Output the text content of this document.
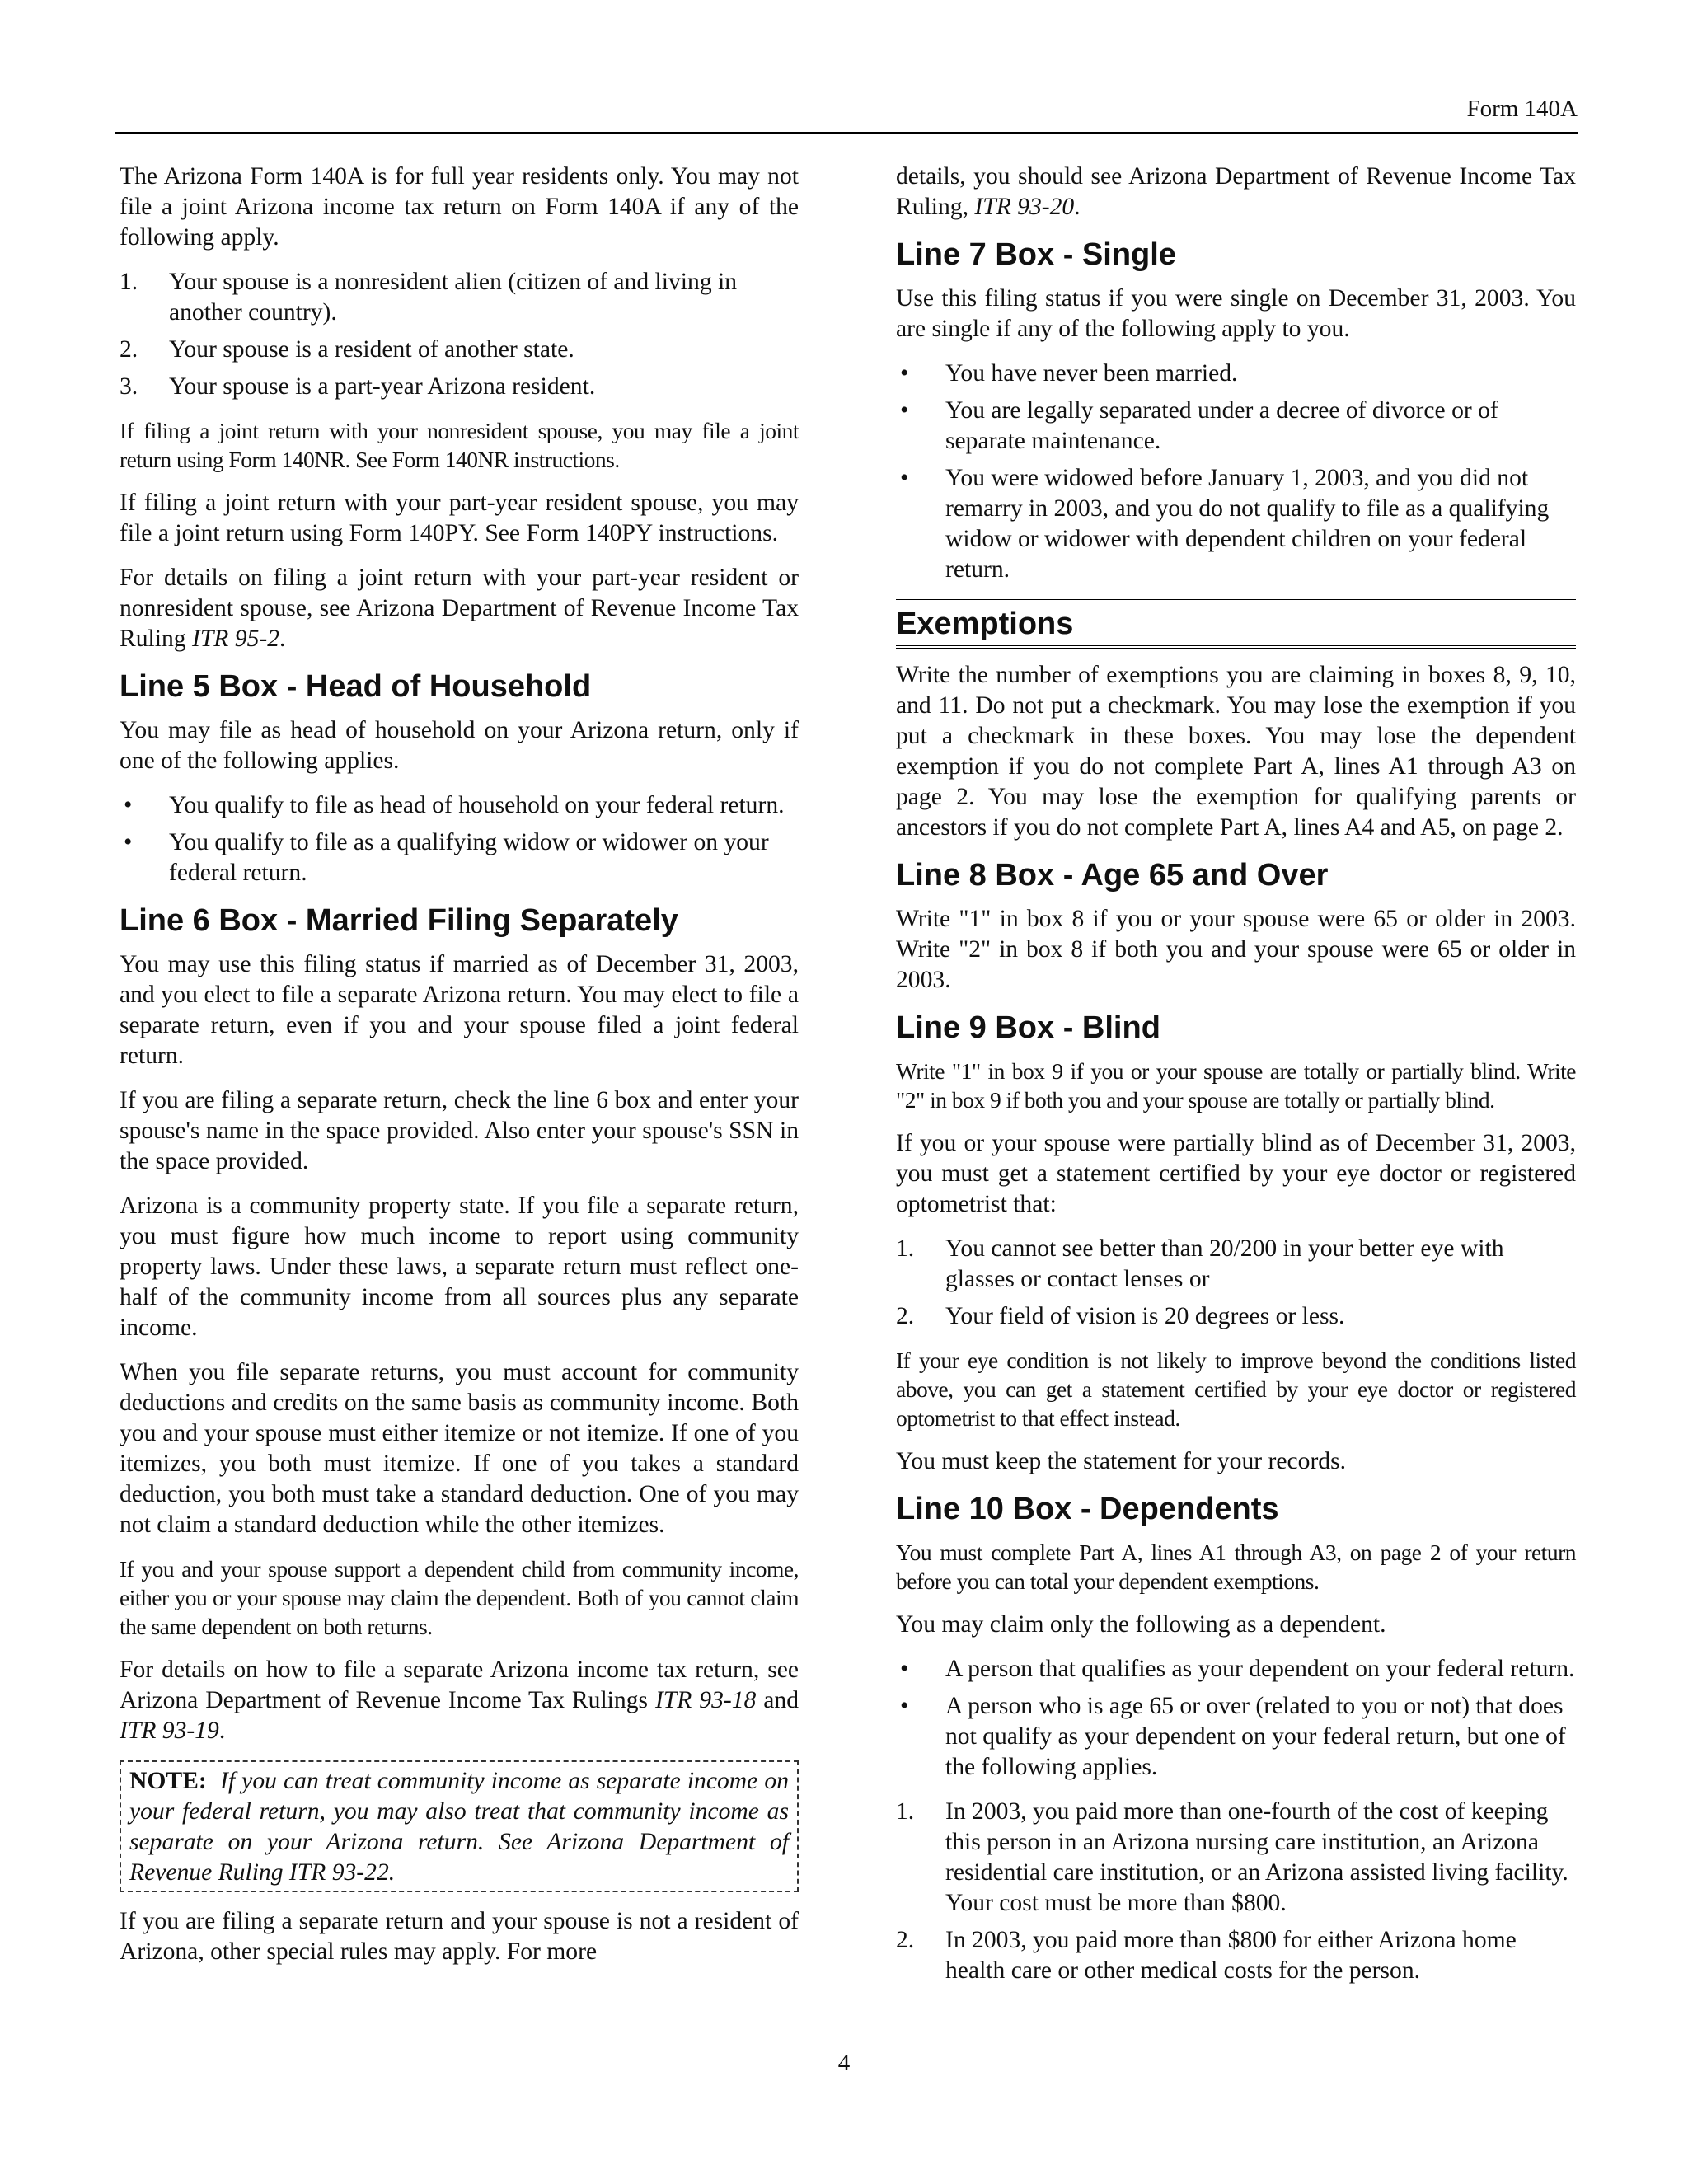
Form 140A

The Arizona Form 140A is for full year residents only. You may not file a joint Arizona income tax return on Form 140A if any of the following apply.

1. Your spouse is a nonresident alien (citizen of and living in another country).
2. Your spouse is a resident of another state.
3. Your spouse is a part-year Arizona resident.

If filing a joint return with your nonresident spouse, you may file a joint return using Form 140NR. See Form 140NR instructions.

If filing a joint return with your part-year resident spouse, you may file a joint return using Form 140PY. See Form 140PY instructions.

For details on filing a joint return with your part-year resident or nonresident spouse, see Arizona Department of Revenue Income Tax Ruling ITR 95-2.

Line 5 Box - Head of Household

You may file as head of household on your Arizona return, only if one of the following applies.

• You qualify to file as head of household on your federal return.
• You qualify to file as a qualifying widow or widower on your federal return.
Line 6 Box - Married Filing Separately

You may use this filing status if married as of December 31, 2003, and you elect to file a separate Arizona return. You may elect to file a separate return, even if you and your spouse filed a joint federal return.

If you are filing a separate return, check the line 6 box and enter your spouse's name in the space provided. Also enter your spouse's SSN in the space provided.

Arizona is a community property state. If you file a separate return, you must figure how much income to report using community property laws. Under these laws, a separate return must reflect one-half of the community income from all sources plus any separate income.

When you file separate returns, you must account for community deductions and credits on the same basis as community income. Both you and your spouse must either itemize or not itemize. If one of you itemizes, you both must itemize. If one of you takes a standard deduction, you both must take a standard deduction. One of you may not claim a standard deduction while the other itemizes.

If you and your spouse support a dependent child from community income, either you or your spouse may claim the dependent. Both of you cannot claim the same dependent on both returns.

For details on how to file a separate Arizona income tax return, see Arizona Department of Revenue Income Tax Rulings ITR 93-18 and ITR 93-19.

NOTE: If you can treat community income as separate income on your federal return, you may also treat that community income as separate on your Arizona return. See Arizona Department of Revenue Ruling ITR 93-22.

If you are filing a separate return and your spouse is not a resident of Arizona, other special rules may apply. For more

details, you should see Arizona Department of Revenue Income Tax Ruling, ITR 93-20.

Line 7 Box - Single

Use this filing status if you were single on December 31, 2003. You are single if any of the following apply to you.

• You have never been married.
• You are legally separated under a decree of divorce or of separate maintenance.
• You were widowed before January 1, 2003, and you did not remarry in 2003, and you do not qualify to file as a qualifying widow or widower with dependent children on your federal return.
Exemptions

Write the number of exemptions you are claiming in boxes 8, 9, 10, and 11. Do not put a checkmark. You may lose the exemption if you put a checkmark in these boxes. You may lose the dependent exemption if you do not complete Part A, lines A1 through A3 on page 2. You may lose the exemption for qualifying parents or ancestors if you do not complete Part A, lines A4 and A5, on page 2.

Line 8 Box - Age 65 and Over

Write "1" in box 8 if you or your spouse were 65 or older in 2003. Write "2" in box 8 if both you and your spouse were 65 or older in 2003.

Line 9 Box - Blind

Write "1" in box 9 if you or your spouse are totally or partially blind. Write "2" in box 9 if both you and your spouse are totally or partially blind.

If you or your spouse were partially blind as of December 31, 2003, you must get a statement certified by your eye doctor or registered optometrist that:

1. You cannot see better than 20/200 in your better eye with glasses or contact lenses or
2. Your field of vision is 20 degrees or less.

If your eye condition is not likely to improve beyond the conditions listed above, you can get a statement certified by your eye doctor or registered optometrist to that effect instead.

You must keep the statement for your records.

Line 10 Box - Dependents

You must complete Part A, lines A1 through A3, on page 2 of your return before you can total your dependent exemptions.

You may claim only the following as a dependent.

• A person that qualifies as your dependent on your federal return.
• A person who is age 65 or over (related to you or not) that does not qualify as your dependent on your federal return, but one of the following applies.
1. In 2003, you paid more than one-fourth of the cost of keeping this person in an Arizona nursing care institution, an Arizona residential care institution, or an Arizona assisted living facility. Your cost must be more than $800.
2. In 2003, you paid more than $800 for either Arizona home health care or other medical costs for the person.
4
